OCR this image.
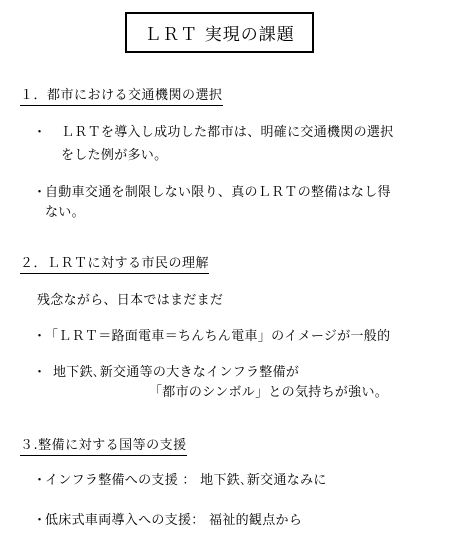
ＬＲＴ 実現の課題
１．都市における交通機関の選択
・ ＬＲＴを導入し成功した都市は、明確に交通機関の選択
をした例が多い。
・自動車交通を制限しない限り、真のＬＲＴの整備はなし得
ない。
２．ＬＲＴに対する市民の理解
残念ながら、日本ではまだまだ
・「ＬＲＴ＝路面電車＝ちんちん電車」のイメージが一般的
・ 地下鉄､新交通等の大きなインフラ整備が
「都市のシンボル」との気持ちが強い。
３.整備に対する国等の支援
・インフラ整備への支援 ： 地下鉄､新交通なみに
・低床式車両導入への支援： 福祉的観点から
